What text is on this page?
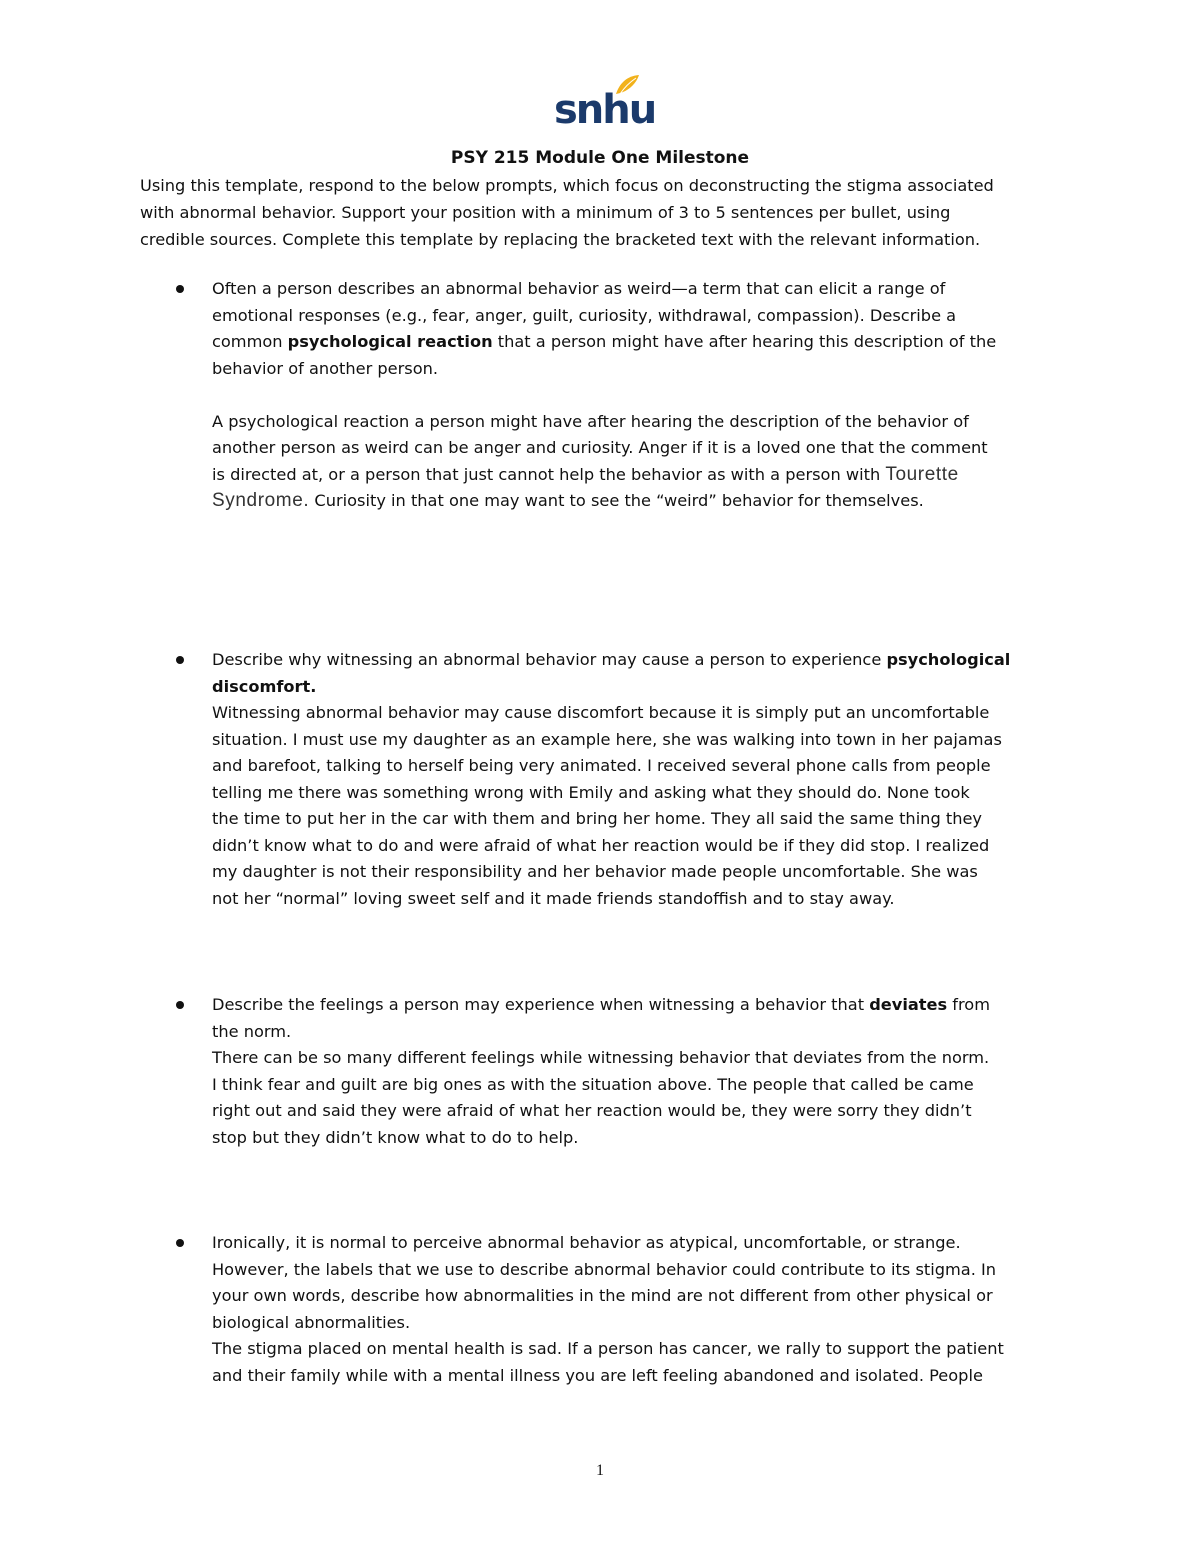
snhu
PSY 215 Module One Milestone
Using this template, respond to the below prompts, which focus on deconstructing the stigma associated
with abnormal behavior. Support your position with a minimum of 3 to 5 sentences per bullet, using
credible sources. Complete this template by replacing the bracketed text with the relevant information.
Often a person describes an abnormal behavior as weird—a term that can elicit a range of
emotional responses (e.g., fear, anger, guilt, curiosity, withdrawal, compassion). Describe a
common psychological reaction that a person might have after hearing this description of the
behavior of another person.
A psychological reaction a person might have after hearing the description of the behavior of
another person as weird can be anger and curiosity. Anger if it is a loved one that the comment
is directed at, or a person that just cannot help the behavior as with a person with Tourette
Syndrome. Curiosity in that one may want to see the “weird” behavior for themselves.
Describe why witnessing an abnormal behavior may cause a person to experience psychological
discomfort.
Witnessing abnormal behavior may cause discomfort because it is simply put an uncomfortable
situation. I must use my daughter as an example here, she was walking into town in her pajamas
and barefoot, talking to herself being very animated. I received several phone calls from people
telling me there was something wrong with Emily and asking what they should do. None took
the time to put her in the car with them and bring her home. They all said the same thing they
didn’t know what to do and were afraid of what her reaction would be if they did stop. I realized
my daughter is not their responsibility and her behavior made people uncomfortable. She was
not her “normal” loving sweet self and it made friends standoffish and to stay away.
Describe the feelings a person may experience when witnessing a behavior that deviates from
the norm.
There can be so many different feelings while witnessing behavior that deviates from the norm.
I think fear and guilt are big ones as with the situation above. The people that called be came
right out and said they were afraid of what her reaction would be, they were sorry they didn’t
stop but they didn’t know what to do to help.
Ironically, it is normal to perceive abnormal behavior as atypical, uncomfortable, or strange.
However, the labels that we use to describe abnormal behavior could contribute to its stigma. In
your own words, describe how abnormalities in the mind are not different from other physical or
biological abnormalities.
The stigma placed on mental health is sad. If a person has cancer, we rally to support the patient
and their family while with a mental illness you are left feeling abandoned and isolated. People
1
